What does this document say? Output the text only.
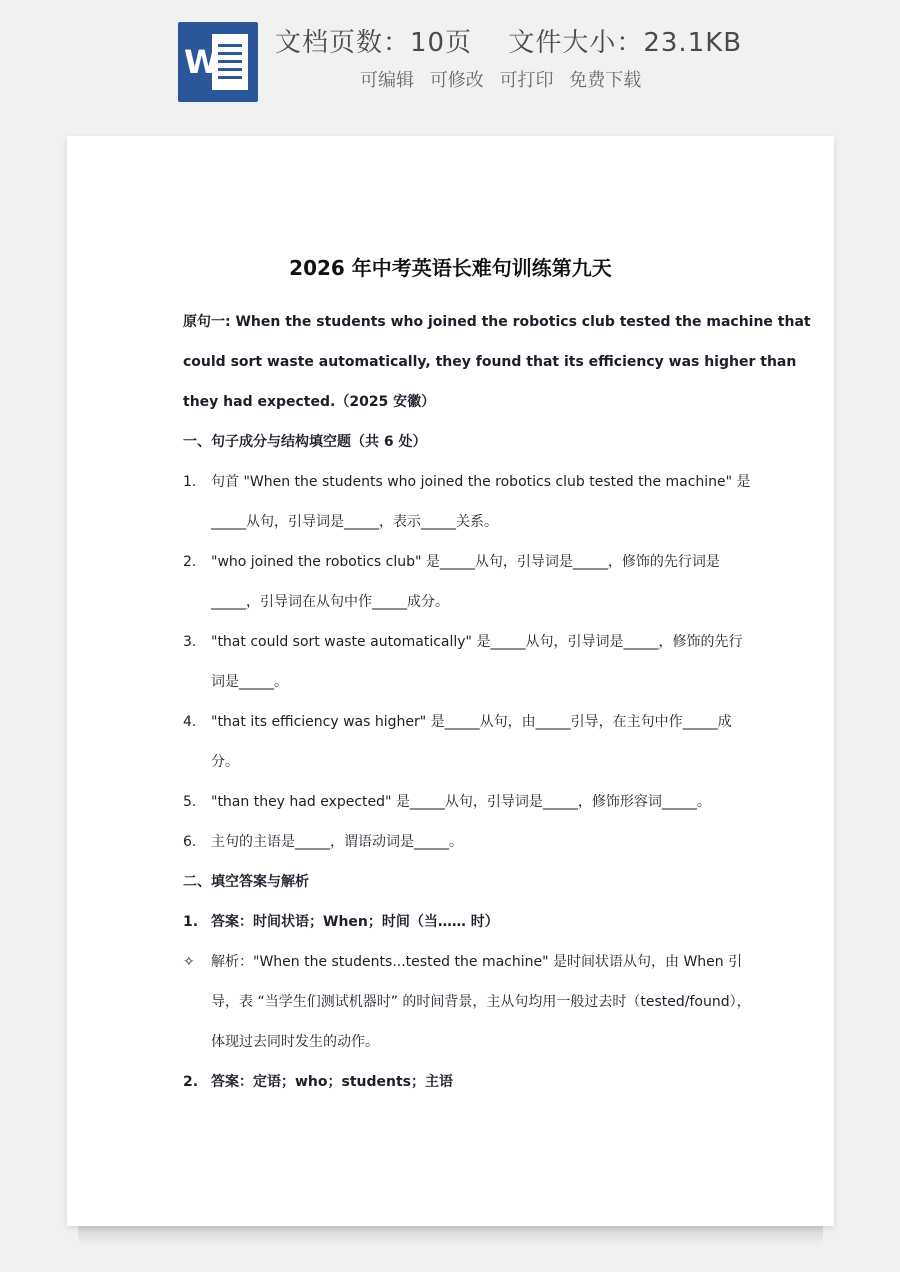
W 文档页数：10页　 文件大小：23.1KB
可编辑 可修改 可打印 免费下载
2026 年中考英语长难句训练第九天
原句一: When the students who joined the robotics club tested the machine that
could sort waste automatically, they found that its efficiency was higher than
they had expected.（2025 安徽）
一、句子成分与结构填空题（共 6 处）
1.	句首 "When the students who joined the robotics club tested the machine" 是
_____从句，引导词是_____，表示_____关系。
2.	"who joined the robotics club" 是_____从句，引导词是_____，修饰的先行词是
_____，引导词在从句中作_____成分。
3.	"that could sort waste automatically" 是_____从句，引导词是_____，修饰的先行
词是_____。
4.	"that its efficiency was higher" 是_____从句，由_____引导，在主句中作_____成
分。
5.	"than they had expected" 是_____从句，引导词是_____，修饰形容词_____。
6.	主句的主语是_____，谓语动词是_____。
二、填空答案与解析
1. 答案：时间状语；When；时间（当…… 时）
✧	解析："When the students...tested the machine" 是时间状语从句，由 When 引
导，表 “当学生们测试机器时” 的时间背景，主从句均用一般过去时（tested/found），
体现过去同时发生的动作。
2. 答案：定语；who；students；主语
